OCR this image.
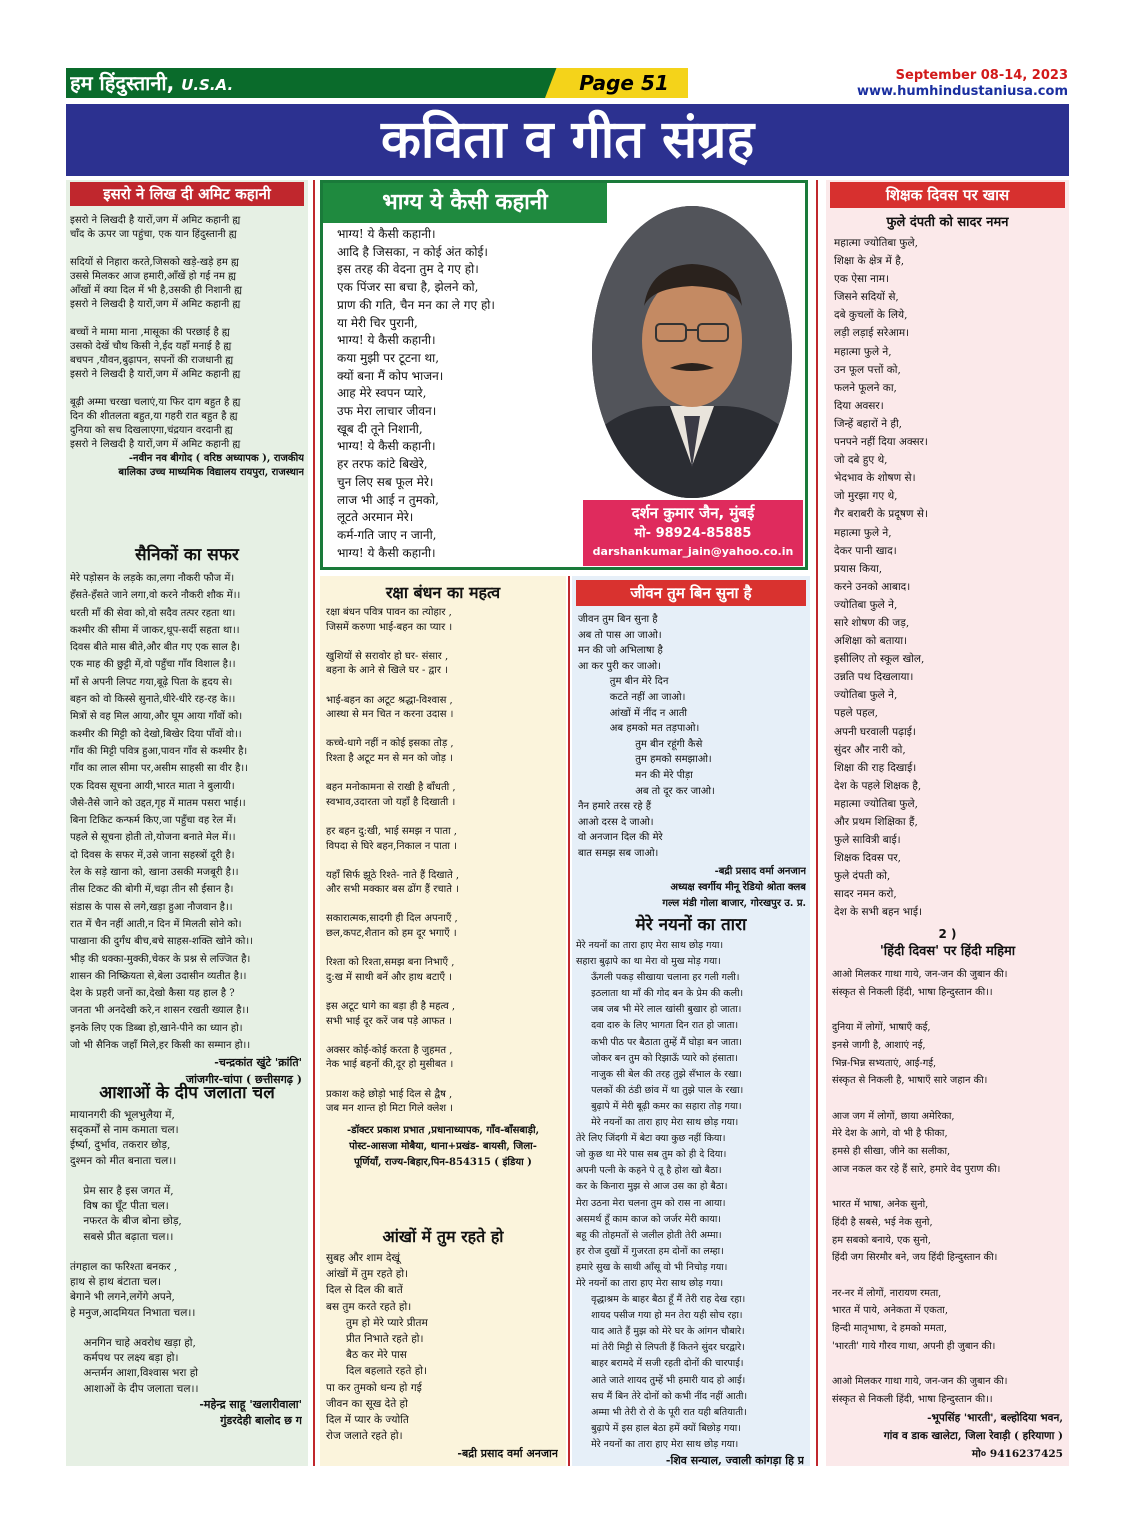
हम हिंदुस्तानी, U.S.A.	Page 51	September 08-14, 2023
www.humhindustaniusa.com
कविता व गीत संग्रह
इसरो ने लिख दी अमिट कहानी
इसरो ने लिखदी है यारों,जग में अमिट कहानी ह्य
चाँद के ऊपर जा पहुंचा, एक यान हिंदुस्तानी ह्य

सदियों से निहारा करते,जिसको खड़े-खड़े हम ह्य
उससे मिलकर आज हमारी,आँखें हो गई नम ह्य
आँखों में क्या दिल में भी है,उसकी ही निशानी ह्य
इसरो ने लिखदी है यारों,जग में अमिट कहानी ह्य

बच्चों ने मामा माना ,मासूका की परछाई है ह्य
उसको देखें चौथ किसी ने,ईद यहाँ मनाई है ह्य
बचपन ,यौवन,बुढ़ापन, सपनों की राजधानी ह्य
इसरो ने लिखदी है यारों,जग में अमिट कहानी ह्य

बूढ़ी अम्मा चरखा चलाएं,या फिर दाग बहुत है ह्य
दिन की शीतलता बहुत,या गहरी रात बहुत है ह्य
दुनिया को सच दिखलाएगा,चंद्रयान वरदानी ह्य
इसरो ने लिखदी है यारों,जग में अमिट कहानी ह्य
-नवीन नव बीगोद ( वरिष्ठ अध्यापक ), राजकीय
बालिका उच्च माध्यमिक विद्यालय रायपुरा, राजस्थान
सैनिकों का सफर
मेरे पड़ोसन के लड़के का,लगा नौकरी फौज में।
हँसते-हँसते जाने लगा,वो करने नौकरी शौक में।।
धरती माँ की सेवा को,वो सदैव तत्पर रहता था।
कश्मीर की सीमा में जाकर,धूप-सर्दी सहता था।।
दिवस बीते मास बीते,और बीत गए एक साल है।
एक माह की छुट्टी में,वो पहुँचा गाँव विशाल है।।
माँ से अपनी लिपट गया,बूढ़े पिता के हृदय से।
बहन को वो किस्से सुनाते,धीरे-धीरे रह-रह के।।
मित्रों से वह मिल आया,और घूम आया गाँवों को।
कश्मीर की मिट्टी को देखो,बिखेर दिया पाँवों वो।।
गाँव की मिट्टी पवित्र हुआ,पावन गाँव से कश्मीर है।
गाँव का लाल सीमा पर,असीम साहसी सा वीर है।।
एक दिवस सूचना आयी,भारत माता ने बुलायी।
जैसे-तैसे जाने को उद्दत,गृह में मातम पसरा भाई।।
बिना टिकिट कन्फर्म किए,जा पहुँचा वह रेल में।
पहले से सूचना होती तो,योजना बनाते मेल में।।
दो दिवस के सफर में,उसे जाना सहस्त्रों दूरी है।
रेल के सड़े खाना को, खाना उसकी मजबूरी है।।
तीस टिकट की बोगी में,चढ़ा तीन सौ ईसान है।
संडास के पास से लगे,खड़ा हुआ नौजवान है।।
रात में चैन नहीं आती,न दिन में मिलती सोने को।
पाखाना की दुर्गंध बीच,बचे साहस-शक्ति खोने को।।
भीड़ की धक्का-मुक्की,चेकर के प्रश्न से लज्जित है।
शासन की निष्क्रियता से,बेला उदासीन व्यतीत है।।
देश के प्रहरी जनों का,देखो कैसा यह हाल है ?
जनता भी अनदेखी करे,न शासन रखती ख्याल है।।
इनके लिए एक डिब्बा हो,खाने-पीने का ध्यान हो।
जो भी सैनिक जहाँ मिले,हर किसी का सम्मान हो।।
-चन्द्रकांत खुंटे 'क्रांति'
जांजगीर-चांपा ( छत्तीसगढ़ )
आशाओं के दीप जलाता चल
मायानगरी की भूलभुलैया में,
सद्कर्मों से नाम कमाता चल।
ईर्ष्या, दुर्भाव, तकरार छोड़,
दुश्मन को मीत बनाता चल।।

प्रेम सार है इस जगत में,
विष का घूँट पीता चल।
नफरत के बीज बोना छोड़,
सबसे प्रीत बढ़ाता चल।।

तंगहाल का फरिश्ता बनकर ,
हाथ से हाथ बंटाता चल।
बेगाने भी लगने,लगेंगे अपने,
हे मनुज,आदमियत निभाता चल।।

अनगिन चाहे अवरोध खड़ा हो,
कर्मपथ पर लक्ष्य बड़ा हो।
अन्तर्मन आशा,विश्वास भरा हो
आशाओं के दीप जलाता चल।।
-महेन्द्र साहू 'खलारीवाला'
गुंडरदेही बालोद छ ग
भाग्य ये कैसी कहानी
भाग्य! ये कैसी कहानी।
आदि है जिसका, न कोई अंत कोई।
इस तरह की वेदना तुम दे गए हो।
एक पिंजर सा बचा है, झेलने को,
प्राण की गति, चैन मन का ले गए हो।
या मेरी चिर पुरानी,
भाग्य! ये कैसी कहानी।
कया मुझी पर टूटना था,
क्यों बना मैं कोप भाजन।
आह मेरे स्वपन प्यारे,
उफ मेरा लाचार जीवन।
खूब दी तूने निशानी,
भाग्य! ये कैसी कहानी।
हर तरफ कांटे बिखेरे,
चुन लिए सब फूल मेरे।
लाज भी आई न तुमको,
लूटते अरमान मेरे।
कर्म-गति जाए न जानी,
भाग्य! ये कैसी कहानी।
दर्शन कुमार जैन, मुंबई
मो- 98924-85885
darshankumar_jain@yahoo.co.in
रक्षा बंधन का महत्व
रक्षा बंधन पवित्र पावन का त्योहार ,
जिसमें करुणा भाई-बहन का प्यार ।

खुशियों से सरावोर हो घर- संसार ,
बहना के आने से खिले घर - द्वार ।

भाई-बहन का अटूट श्रद्धा-विश्वास ,
आस्था से मन चित न करना उदास ।

कच्चे-धागे नहीं न कोई इसका तोड़ ,
रिश्ता है अटूट मन से मन को जोड़ ।

बहन मनोकामना से राखी है बाँधती ,
स्वभाव,उदारता जो यहाँ है दिखाती ।

हर बहन दु:खी, भाई समझ न पाता ,
विपदा से घिरे बहन,निकाल न पाता ।

यहाँ सिर्फ झूठे रिश्ते- नाते हैं दिखाते ,
और सभी मक्कार बस ढोंग हैं रचाते ।

सकारात्मक,सादगी ही दिल अपनाएँ ,
छल,कपट,शैतान को हम दूर भगाएँ ।

रिश्ता को रिश्ता,समझ बना निभाएँ ,
दु:ख में साथी बनें और हाथ बटाएँ ।

इस अटूट धागे का बड़ा ही है महत्व ,
सभी भाई दूर करें जब पड़े आफत ।

अक्सर कोई-कोई करता है जुहमत ,
नेक भाई बहनों की,दूर हो मुसीबत ।

प्रकाश कहे छोड़ो भाई दिल से द्वैष ,
जब मन शान्त हो मिटा गिले क्लेश ।
-डॉक्टर प्रकाश प्रभात ,प्रधानाध्यापक, गाँव-बाँसबाड़ी,
पोस्ट-आसजा मोबैया, थाना+प्रखंड- बायसी, जिला-
पूर्णियाँ, राज्य-बिहार,पिन-854315 ( इंडिया )
आंखों में तुम रहते हो
सुबह और शाम देखूं
आंखों में तुम रहते हो।
दिल से दिल की बातें
बस तुम करते रहते हो।
तुम हो मेरे प्यारे प्रीतम
प्रीत निभाते रहते हो।
बैठ कर मेरे पास
दिल बहलाते रहते हो।
पा कर तुमको धन्य हो गई
जीवन का सूख देते हो
दिल में प्यार के ज्योति
रोज जलाते रहते हो।
-बद्री प्रसाद वर्मा अनजान
जीवन तुम बिन सुना है
जीवन तुम बिन सुना है
अब तो पास आ जाओ।
मन की जो अभिलाषा है
आ कर पुरी कर जाओ।
तुम बीन मेरे दिन
कटते नहीं आ जाओ।
आंखों में नींद न आती
अब हमको मत तड़पाओ।
तुम बीन रहूंगी कैसे
तुम हमको समझाओ।
मन की मेरे पीड़ा
अब तो दूर कर जाओ।
नैन हमारे तरस रहे हैं
आओ दरस दे जाओ।
वो अनजान दिल की मेरे
बात समझ सब जाओ।
-बद्री प्रसाद वर्मा अनजान
अध्यक्ष स्वर्गीय मीनू रेडियो श्रोता क्लब
गल्ल मंडी गोला बाजार, गोरखपुर उ. प्र.
मेरे नयनों का तारा
मेरे नयनों का तारा हाए मेरा साथ छोड़ गया।
सहारा बुढ़ापे का था मेरा वो मुख मोड़ गया।
ऊँगली पकड़ सीखाया चलाना हर गली गली।
इठलाता था माँ की गोद बन के प्रेम की कली।
जब जब भी मेरे लाल खांसी बुखार हो जाता।
दवा दारु के लिए भागता दिन रात हो जाता।
कभी पीठ पर बैठाता तुम्हें मैं घोड़ा बन जाता।
जोकर बन तुम को रिझाऊँ प्यारे को हंसाता।
नाजुक सी बेल की तरह तुझे सँभाल के रखा।
पलकों की ठंडी छांव में था तुझे पाल के रखा।
बुढ़ापे में मेरी बूढ़ी कमर का सहारा तोड़ गया।
मेरे नयनों का तारा हाए मेरा साथ छोड़ गया।
तेरे लिए जिंदगी में बेटा क्या कुछ नहीं किया।
जो कुछ था मेरे पास सब तुम को ही दे दिया।
अपनी पत्नी के कहने पे तू है होश खो बैठा।
कर के किनारा मुझ से आज उस का हो बैठा।
मेरा उठना मेरा चलना तुम को रास ना आया।
असमर्थ हूँ काम काज को जर्जर मेरी काया।
बहू की तोहमतों से जलील होती तेरी अम्मा।
हर रोज दुखों में गुजरता हम दोनों का लम्हा।
हमारे सुख के साथी आँसू वो भी निचोड़ गया।
मेरे नयनों का तारा हाए मेरा साथ छोड़ गया।
वृद्धाश्रम के बाहर बैठा हूँ मैं तेरी राह देख रहा।
शायद पसीज गया हो मन तेरा यही सोच रहा।
याद आते हैं मुझ को मेरे घर के आंगन चौबारे।
मां तेरी मिट्टी से लिपती हैं कितने सुंदर घरद्वारे।
बाहर बरामदे में सजी रहती दोनों की चारपाई।
आते जाते शायद तुम्हें भी हमारी याद हो आई।
सच मैं बिन तेरे दोनों को कभी नींद नहीं आती।
अम्मा भी तेरी रो रो के पूरी रात यही बतियाती।
बुढ़ापे में इस हाल बेठा हमें क्यों बिछोड़ गया।
मेरे नयनों का तारा हाए मेरा साथ छोड़ गया।
-शिव सन्याल, ज्वाली कांगड़ा हि प्र
शिक्षक दिवस पर खास
फुले दंपती को सादर नमन
महात्मा ज्योतिबा फुले,
शिक्षा के क्षेत्र में है,
एक ऐसा नाम।
जिसने सदियों से,
दबे कुचलों के लिये,
लड़ी लड़ाई सरेआम।
महात्मा फुले ने,
उन फूल पत्तों को,
फलने फूलने का,
दिया अवसर।
जिन्हें बहारों ने ही,
पनपने नहीं दिया अक्सर।
जो दबे हुए थे,
भेदभाव के शोषण से।
जो मुरझा गए थे,
गैर बराबरी के प्रदूषण से।
महात्मा फुले ने,
देकर पानी खाद।
प्रयास किया,
करने उनको आबाद।
ज्योतिबा फुले ने,
सारे शोषण की जड़,
अशिक्षा को बताया।
इसीलिए तो स्कूल खोल,
उन्नति पथ दिखलाया।
ज्योतिबा फुले ने,
पहले पहल,
अपनी घरवाली पढ़ाई।
सुंदर और नारी को,
शिक्षा की राह दिखाई।
देश के पहले शिक्षक है,
महात्मा ज्योतिबा फुले,
और प्रथम शिक्षिका हैं,
फुले सावित्री बाई।
शिक्षक दिवस पर,
फुले दंपती को,
सादर नमन करो,
देश के सभी बहन भाई।
2 )
'हिंदी दिवस' पर हिंदी महिमा
आओ मिलकर गाथा गाये, जन-जन की जुबान की।
संस्कृत से निकली हिंदी, भाषा हिन्दुस्तान की।।

दुनिया में लोगों, भाषाएँ कई,
इनसे जागी है, आशाएं नई,
भिन्न-भिन्न सभ्यताएं, आई-गई,
संस्कृत से निकली है, भाषाएँ सारे जहान की।

आज जग में लोगों, छाया अमेरिका,
मेरे देश के आगे, वो भी है फीका,
हमसे ही सीखा, जीने का सलीका,
आज नकल कर रहे हैं सारे, हमारे वेद पुराण की।

भारत में भाषा, अनेक सुनो,
हिंदी है सबसे, भई नेक सुनो,
हम सबको बनाये, एक सुनो,
हिंदी जग सिरमौर बने, जय हिंदी हिन्दुस्तान की।

नर-नर में लोगों, नारायण रमता,
भारत में पाये, अनेकता में एकता,
हिन्दी मातृभाषा, दे हमको ममता,
'भारती' गाये गौरव गाथा, अपनी ही जुबान की।

आओ मिलकर गाथा गाये, जन-जन की जुबान की।
संस्कृत से निकली हिंदी, भाषा हिन्दुस्तान की।।
-भूपसिंह 'भारती', बल्होदिया भवन,
गांव व डाक खालेटा, जिला रेवाड़ी ( हरियाणा )
मो० 9416237425
